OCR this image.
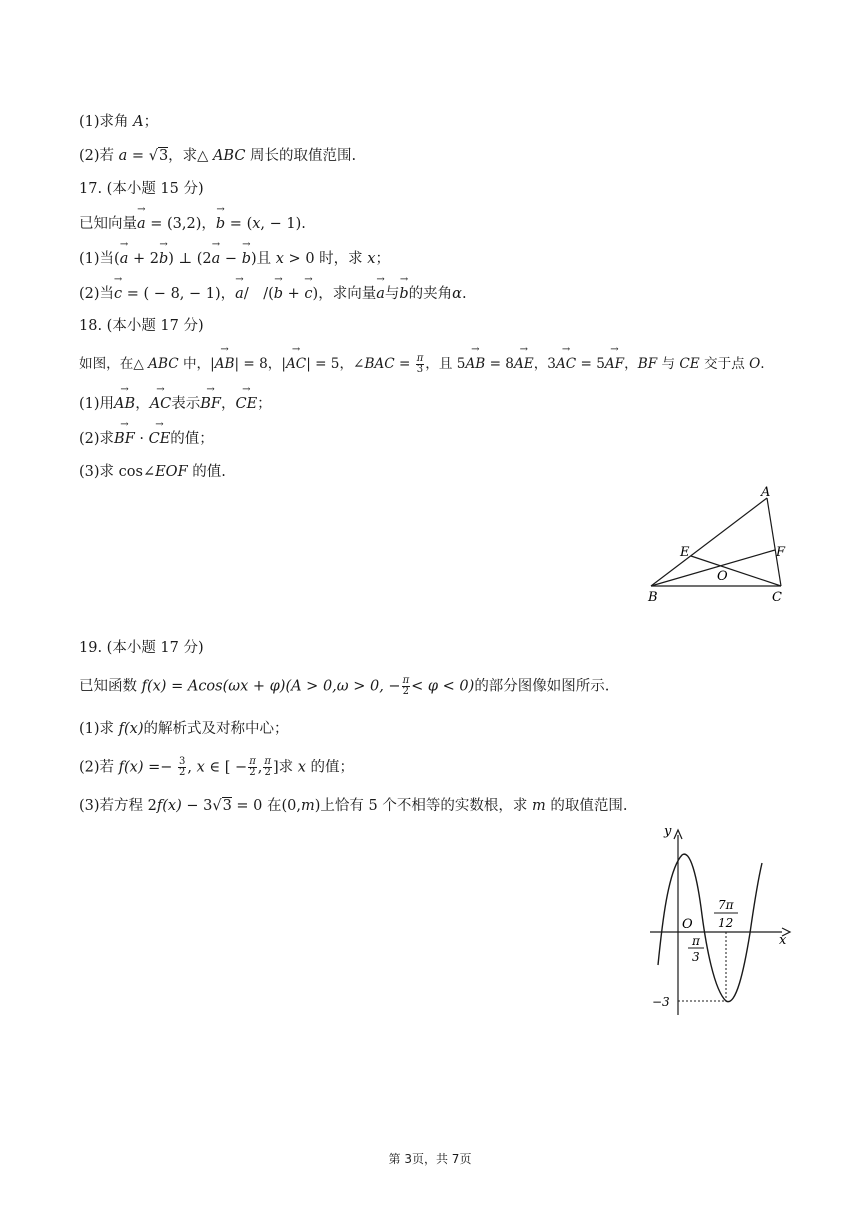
(1)求角 A；
(2)若 a = √3，求△ ABC 周长的取值范围.
17. (本小题 15 分)
已知向量→ a = (3,2)，→ b = (x, − 1).
(1)当(→ a + 2→ b) ⊥ (2→ a − → b)且 x > 0 时，求 x；
(2)当→ c = ( − 8, − 1)，→ a/　/(→ b + → c)，求向量→ a与→ b的夹角α.
18. (本小题 17 分)
如图，在△ ABC 中，|→ AB| = 8，|→ AC| = 5，∠BAC = $\frac{\pi}{3}$ ，且 5→ AB = 8→ AE，3→ AC = 5→ AF，BF 与 CE 交于点 O.
(1)用→ AB，→ AC表示→ BF，→ CE；
(2)求→ BF · → CE的值；
(3)求 cos∠EOF 的值.
A
B	C
E	F
O
19. (本小题 17 分)
已知函数 f(x) = Acos(ωx + φ)(A > 0,ω > 0, − $\frac{\pi}{2} < \varphi < 0$)的部分图像如图所示.
(1)求 f(x)的解析式及对称中心；
(2)若 $f(x) =- \frac{3}{2}$ , x ∈ [ − $\frac{\pi}{2}$ , $\frac{\pi}{2}$ ]求 x 的值；
(3)若方程 2f(x) − 3√3 = 0 在(0,m)上恰有 5 个不相等的实数根，求 m 的取值范围.
y
x
O
π
3
7π
12
−3
第 3页，共 7页
